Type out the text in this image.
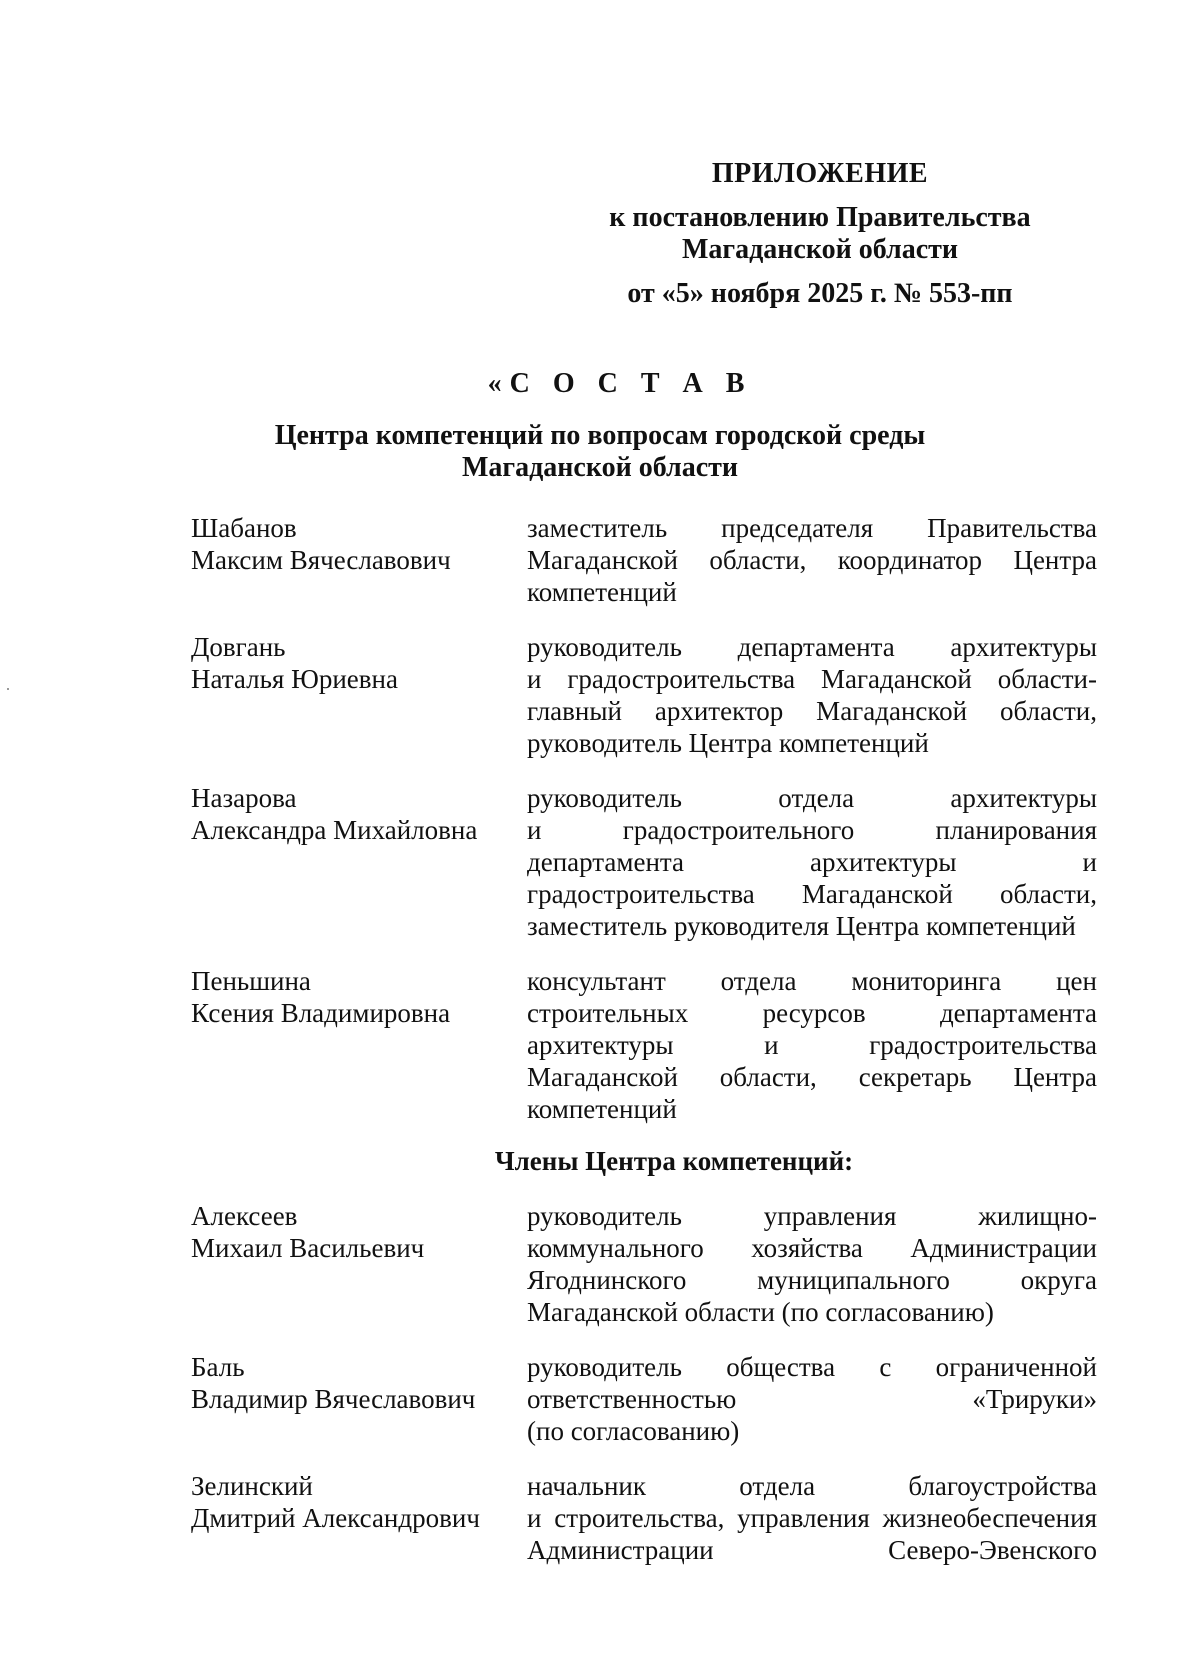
ПРИЛОЖЕНИЕ
к постановлению Правительства
Магаданской области
от «5» ноября 2025 г. № 553-пп
«С О С Т А В
Центра компетенций по вопросам городской среды
Магаданской области
Шабанов
Максим Вячеславович
заместитель председателя Правительства
Магаданской области, координатор Центра
компетенций
Довгань
Наталья Юриевна
руководитель департамента архитектуры
и градостроительства Магаданской области-
главный архитектор Магаданской области,
руководитель Центра компетенций
Назарова
Александра Михайловна
руководитель отдела архитектуры
и градостроительного планирования
департамента архитектуры и
градостроительства Магаданской области,
заместитель руководителя Центра компетенций
Пеньшина
Ксения Владимировна
консультант отдела мониторинга цен
строительных ресурсов департамента
архитектуры и градостроительства
Магаданской области, секретарь Центра
компетенций
Члены Центра компетенций:
Алексеев
Михаил Васильевич
руководитель управления жилищно-
коммунального хозяйства Администрации
Ягоднинского муниципального округа
Магаданской области (по согласованию)
Баль
Владимир Вячеславович
руководитель общества с ограниченной
ответственностью «Трируки»
(по согласованию)
Зелинский
Дмитрий Александрович
начальник отдела благоустройства
и строительства, управления жизнеобеспечения
Администрации Северо-Эвенского
